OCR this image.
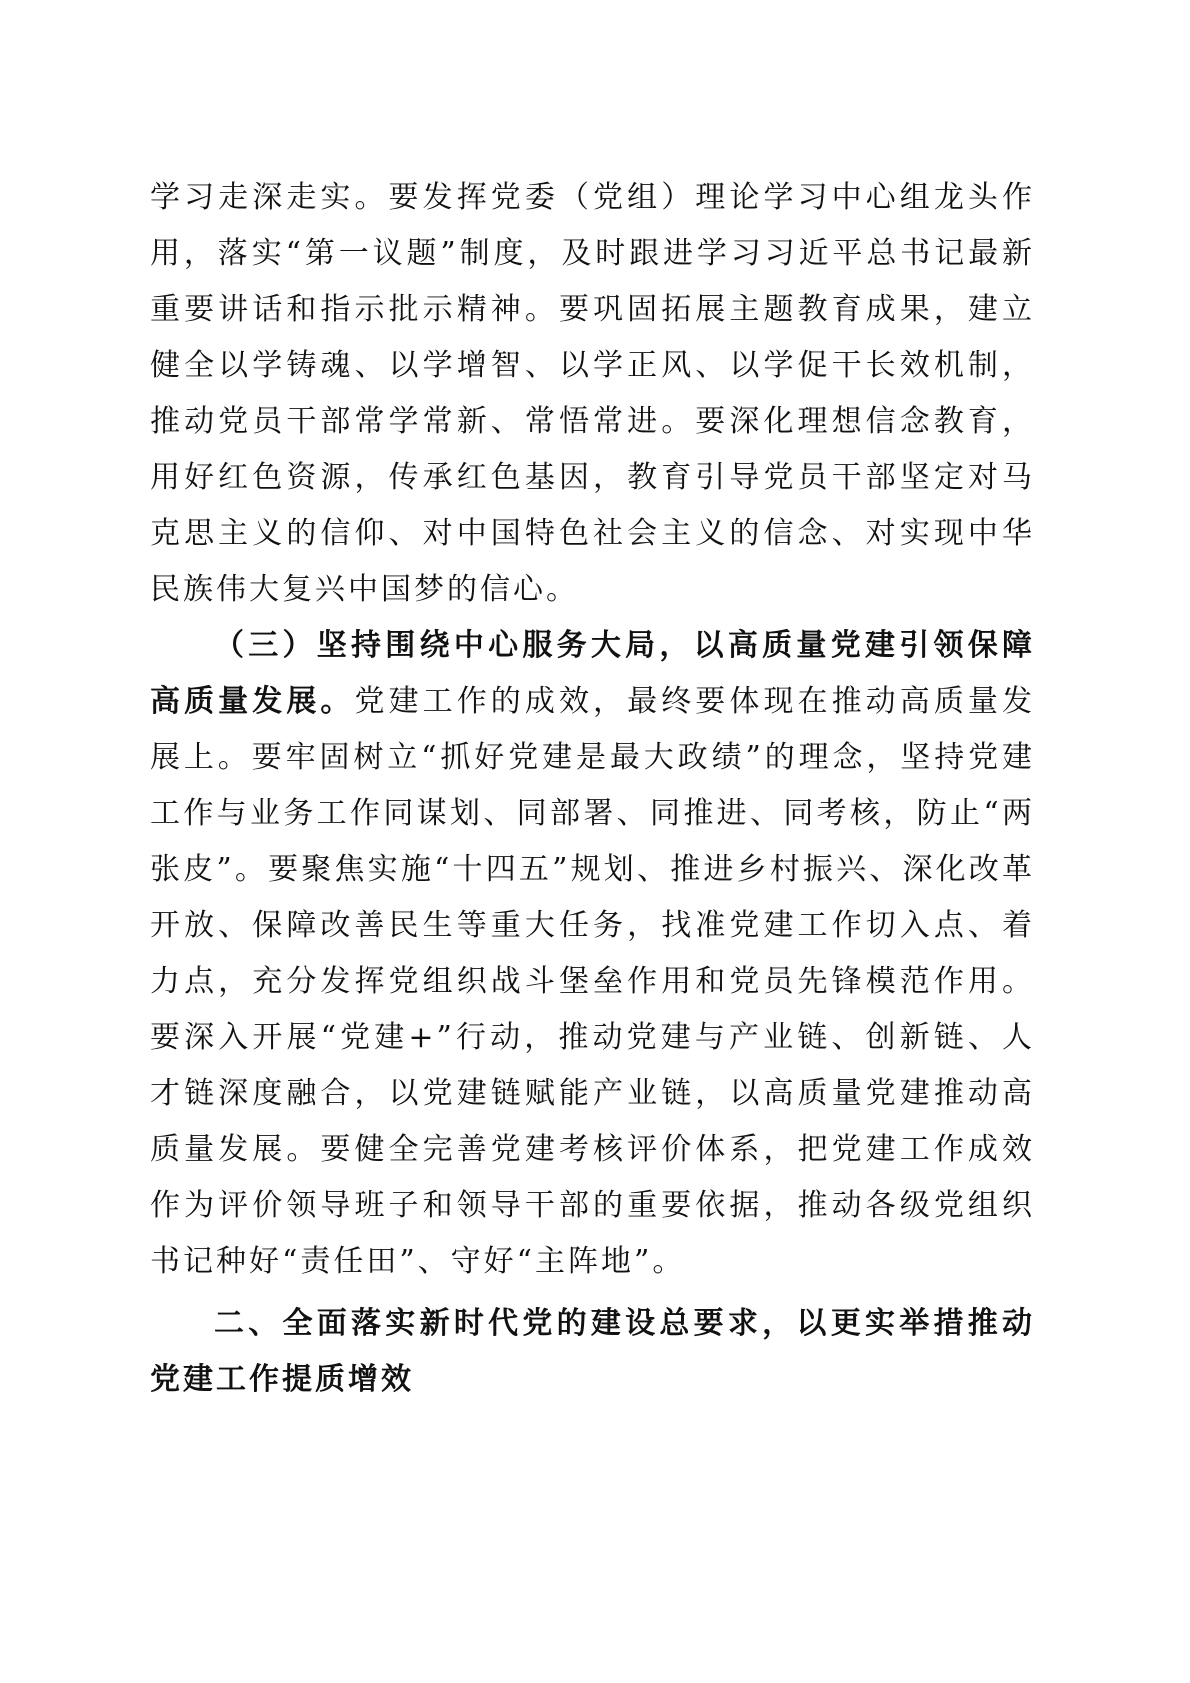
学习走深走实。要发挥党委（党组）理论学习中心组龙头作用，落实“第一议题”制度，及时跟进学习习近平总书记最新重要讲话和指示批示精神。要巩固拓展主题教育成果，建立健全以学铸魂、以学增智、以学正风、以学促干长效机制，推动党员干部常学常新、常悟常进。要深化理想信念教育，用好红色资源，传承红色基因，教育引导党员干部坚定对马克思主义的信仰、对中国特色社会主义的信念、对实现中华民族伟大复兴中国梦的信心。

（三）坚持围绕中心服务大局，以高质量党建引领保障高质量发展。党建工作的成效，最终要体现在推动高质量发展上。要牢固树立“抓好党建是最大政绩”的理念，坚持党建工作与业务工作同谋划、同部署、同推进、同考核，防止“两张皮”。要聚焦实施“十四五”规划、推进乡村振兴、深化改革开放、保障改善民生等重大任务，找准党建工作切入点、着力点，充分发挥党组织战斗堡垒作用和党员先锋模范作用。要深入开展“党建+”行动，推动党建与产业链、创新链、人才链深度融合，以党建链赋能产业链，以高质量党建推动高质量发展。要健全完善党建考核评价体系，把党建工作成效作为评价领导班子和领导干部的重要依据，推动各级党组织书记种好“责任田”、守好“主阵地”。

二、全面落实新时代党的建设总要求，以更实举措推动党建工作提质增效
